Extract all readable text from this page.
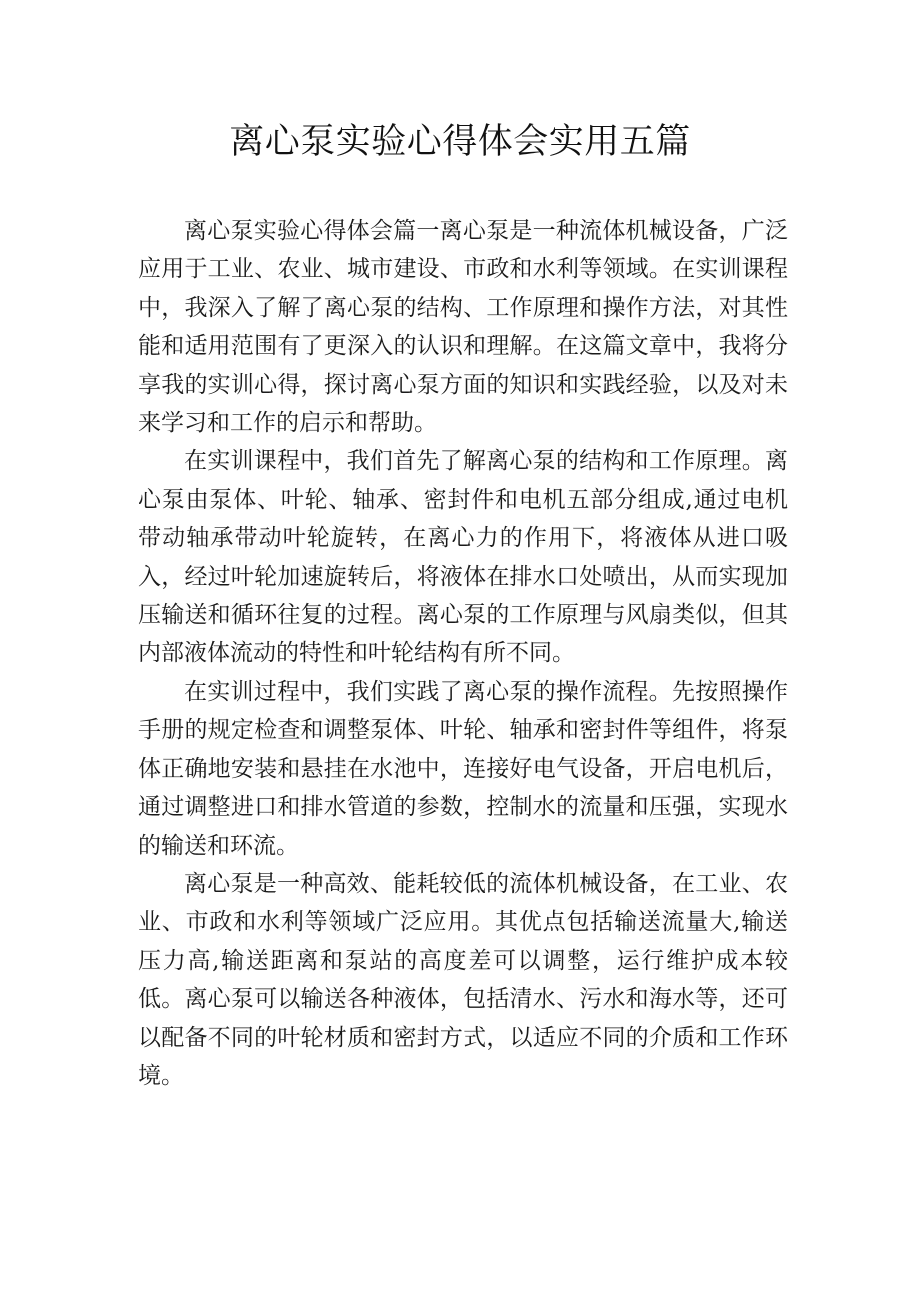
离心泵实验心得体会实用五篇

离心泵实验心得体会篇一离心泵是一种流体机械设备，广泛应用于工业、农业、城市建设、市政和水利等领域。在实训课程中，我深入了解了离心泵的结构、工作原理和操作方法，对其性能和适用范围有了更深入的认识和理解。在这篇文章中，我将分享我的实训心得，探讨离心泵方面的知识和实践经验，以及对未来学习和工作的启示和帮助。

在实训课程中，我们首先了解离心泵的结构和工作原理。离心泵由泵体、叶轮、轴承、密封件和电机五部分组成,通过电机带动轴承带动叶轮旋转，在离心力的作用下，将液体从进口吸入，经过叶轮加速旋转后，将液体在排水口处喷出，从而实现加压输送和循环往复的过程。离心泵的工作原理与风扇类似，但其内部液体流动的特性和叶轮结构有所不同。

在实训过程中，我们实践了离心泵的操作流程。先按照操作手册的规定检查和调整泵体、叶轮、轴承和密封件等组件，将泵体正确地安装和悬挂在水池中，连接好电气设备，开启电机后，通过调整进口和排水管道的参数，控制水的流量和压强，实现水的输送和环流。

离心泵是一种高效、能耗较低的流体机械设备，在工业、农业、市政和水利等领域广泛应用。其优点包括输送流量大,输送压力高,输送距离和泵站的高度差可以调整，运行维护成本较低。离心泵可以输送各种液体，包括清水、污水和海水等，还可以配备不同的叶轮材质和密封方式，以适应不同的介质和工作环境。
